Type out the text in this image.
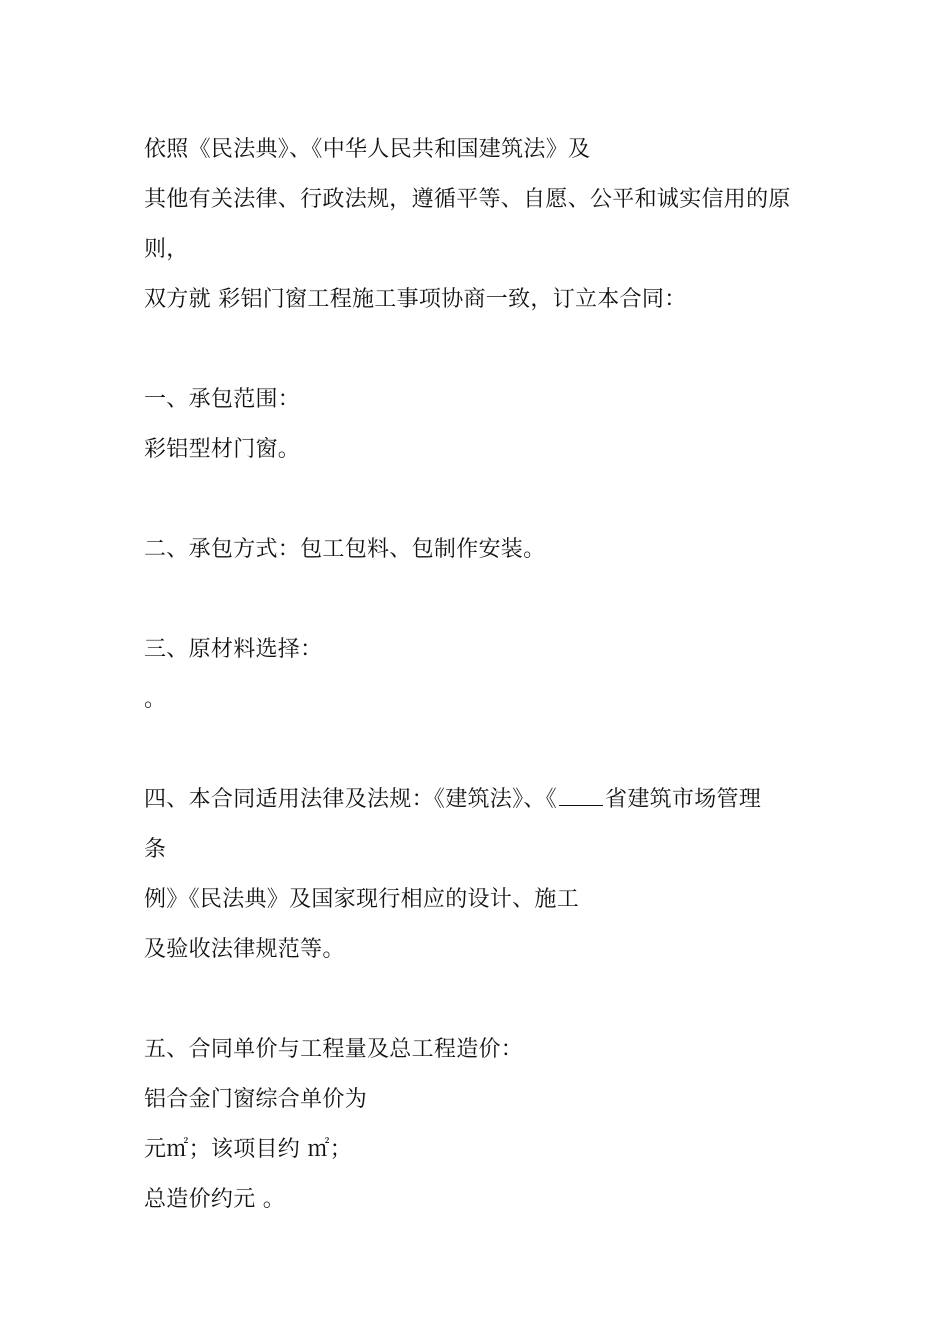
依照《民法典》、《中华人民共和国建筑法》及
其他有关法律、行政法规，遵循平等、自愿、公平和诚实信用的原
则，
双方就 彩铝门窗工程施工事项协商一致，订立本合同：
一、承包范围：
彩铝型材门窗。
二、承包方式：包工包料、包制作安装。
三、原材料选择：
。
四、本合同适用法律及法规：《建筑法》、《 省建筑市场管理
条
例》《民法典》及国家现行相应的设计、施工
及验收法律规范等。
五、合同单价与工程量及总工程造价：
铝合金门窗综合单价为
元㎡；该项目约 ㎡；
总造价约元 。
